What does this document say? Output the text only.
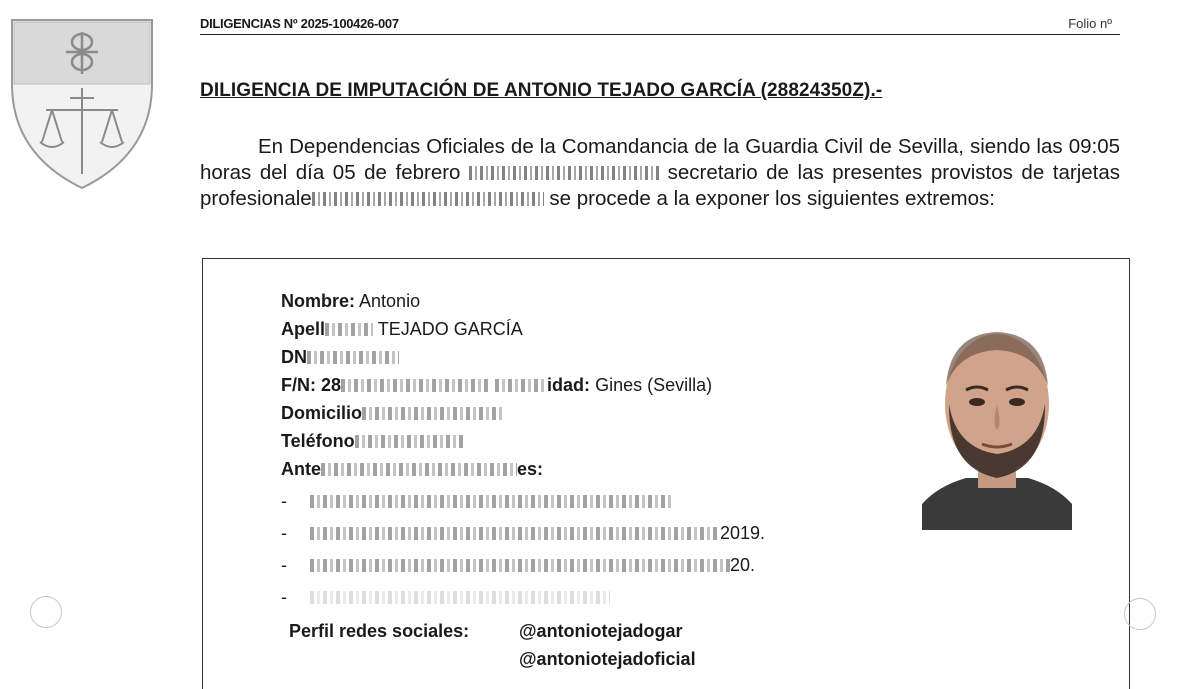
DILIGENCIAS Nº 2025-100426-007	Folio nº
DILIGENCIA DE IMPUTACIÓN DE ANTONIO TEJADO GARCÍA (28824350Z).-
En Dependencias Oficiales de la Comandancia de la Guardia Civil de Sevilla, siendo las 09:05 horas del día 05 de febrero	secretario de las presentes provistos de tarjetas profesionale	se procede a la exponer los siguientes extremos:
Nombre: Antonio
Apell	TEJADO GARCÍA
DN
F/N: 28	idad: Gines (Sevilla)
Domicilio
Teléfono
Ante	es:
-
-	2019.
-	20.
-
Perfil redes sociales:	@antoniotejadogar
@antoniotejadoficial
